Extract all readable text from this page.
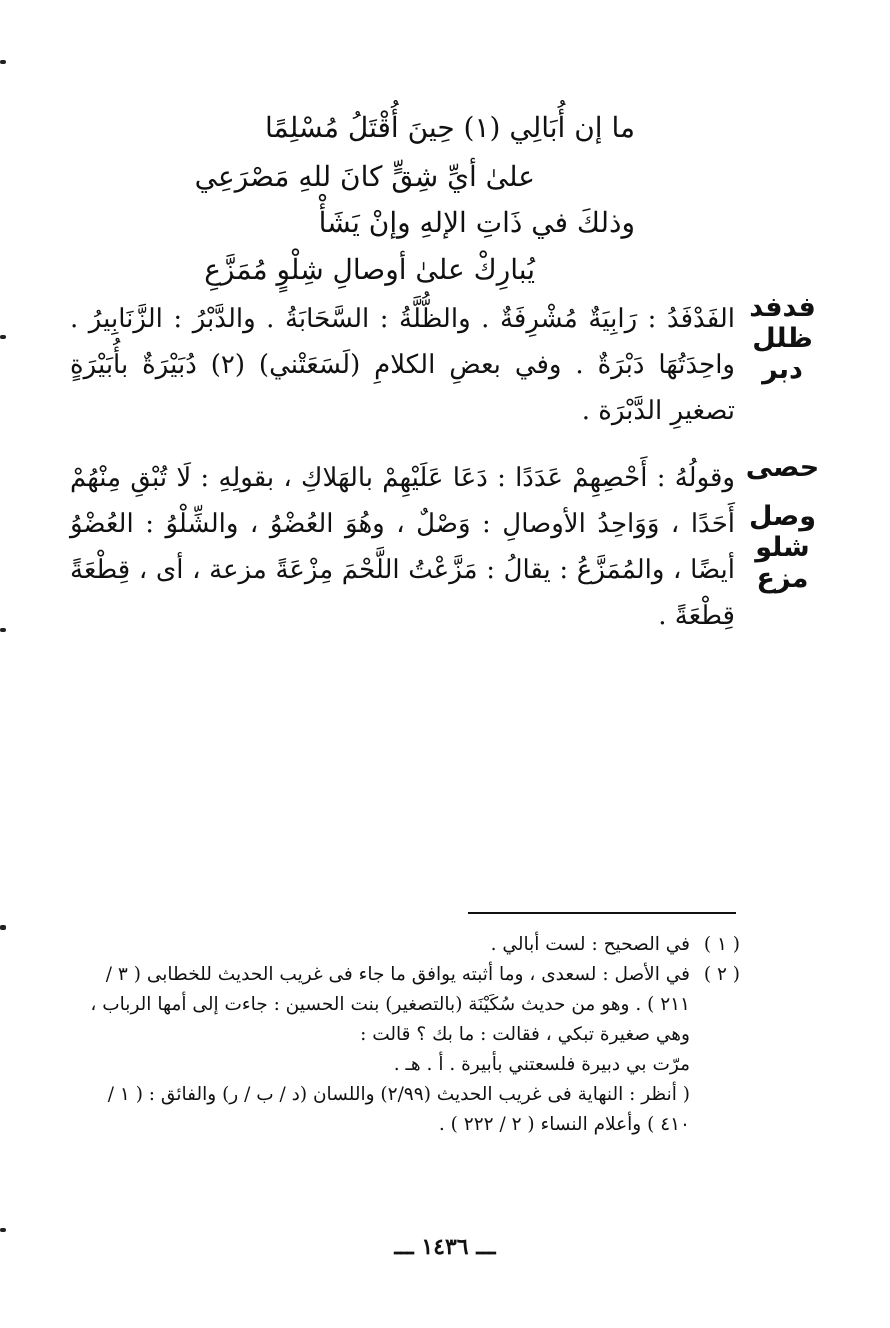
ما إن أُبَالِي (١) حِينَ أُقْتَلُ مُسْلِمًا
علىٰ أيِّ شِقٍّ كانَ للهِ مَصْرَعِي
وذلكَ في ذَاتِ الإلهِ وإنْ يَشَأْ
يُبارِكْ علىٰ أوصالِ شِلْوٍ مُمَزَّعِ
فدفد
ظلل
دبر
الفَدْفَدُ : رَابِيَةٌ مُشْرِفَةٌ . والظُّلَّةُ : السَّحَابَةُ . والدَّبْرُ : الزَّنَابِيرُ . واحِدَتُهَا دَبْرَةٌ . وفي بعضِ الكلامِ (لَسَعَتْني) (٢) دُبَيْرَةٌ بأُبَيْرَةٍ تصغيرِ الدَّبْرَة .
حصى
وصل
شلو
مزع
وقولُهُ : أَحْصِهِمْ عَدَدًا : دَعَا عَلَيْهِمْ بالهَلاكِ ، بقولِهِ : لَا تُبْقِ مِنْهُمْ أَحَدًا ، وَوَاحِدُ الأوصالِ : وَصْلٌ ، وهُوَ العُضْوُ ، والشِّلْوُ : العُضْوُ أيضًا ، والمُمَزَّعُ : يقالُ : مَزَّعْتُ اللَّحْمَ مِزْعَةً مزعة ، أى ، قِطْعَةً قِطْعَةً .
( ١ )
في الصحيح : لست أبالي .
( ٢ )
في الأصل : لسعدى ، وما أثبته يوافق ما جاء فى غريب الحديث للخطابى ( ٣ / ٢١١ ) . وهو من حديث سُكَيْنَة (بالتصغير) بنت الحسين : جاءت إلى أمها الرباب ، وهي صغيرة تبكي ، فقالت : ما بك ؟ قالت :
مرّت بي دبيرة فلسعتني بأبيرة . أ . هـ .
( أنظر : النهاية فى غريب الحديث (٢/٩٩) واللسان (د / ب / ر) والفائق : ( ١ / ٤١٠ ) وأعلام النساء ( ٢ / ٢٢٢ ) .
ـــ ١٤٣٦ ـــ
